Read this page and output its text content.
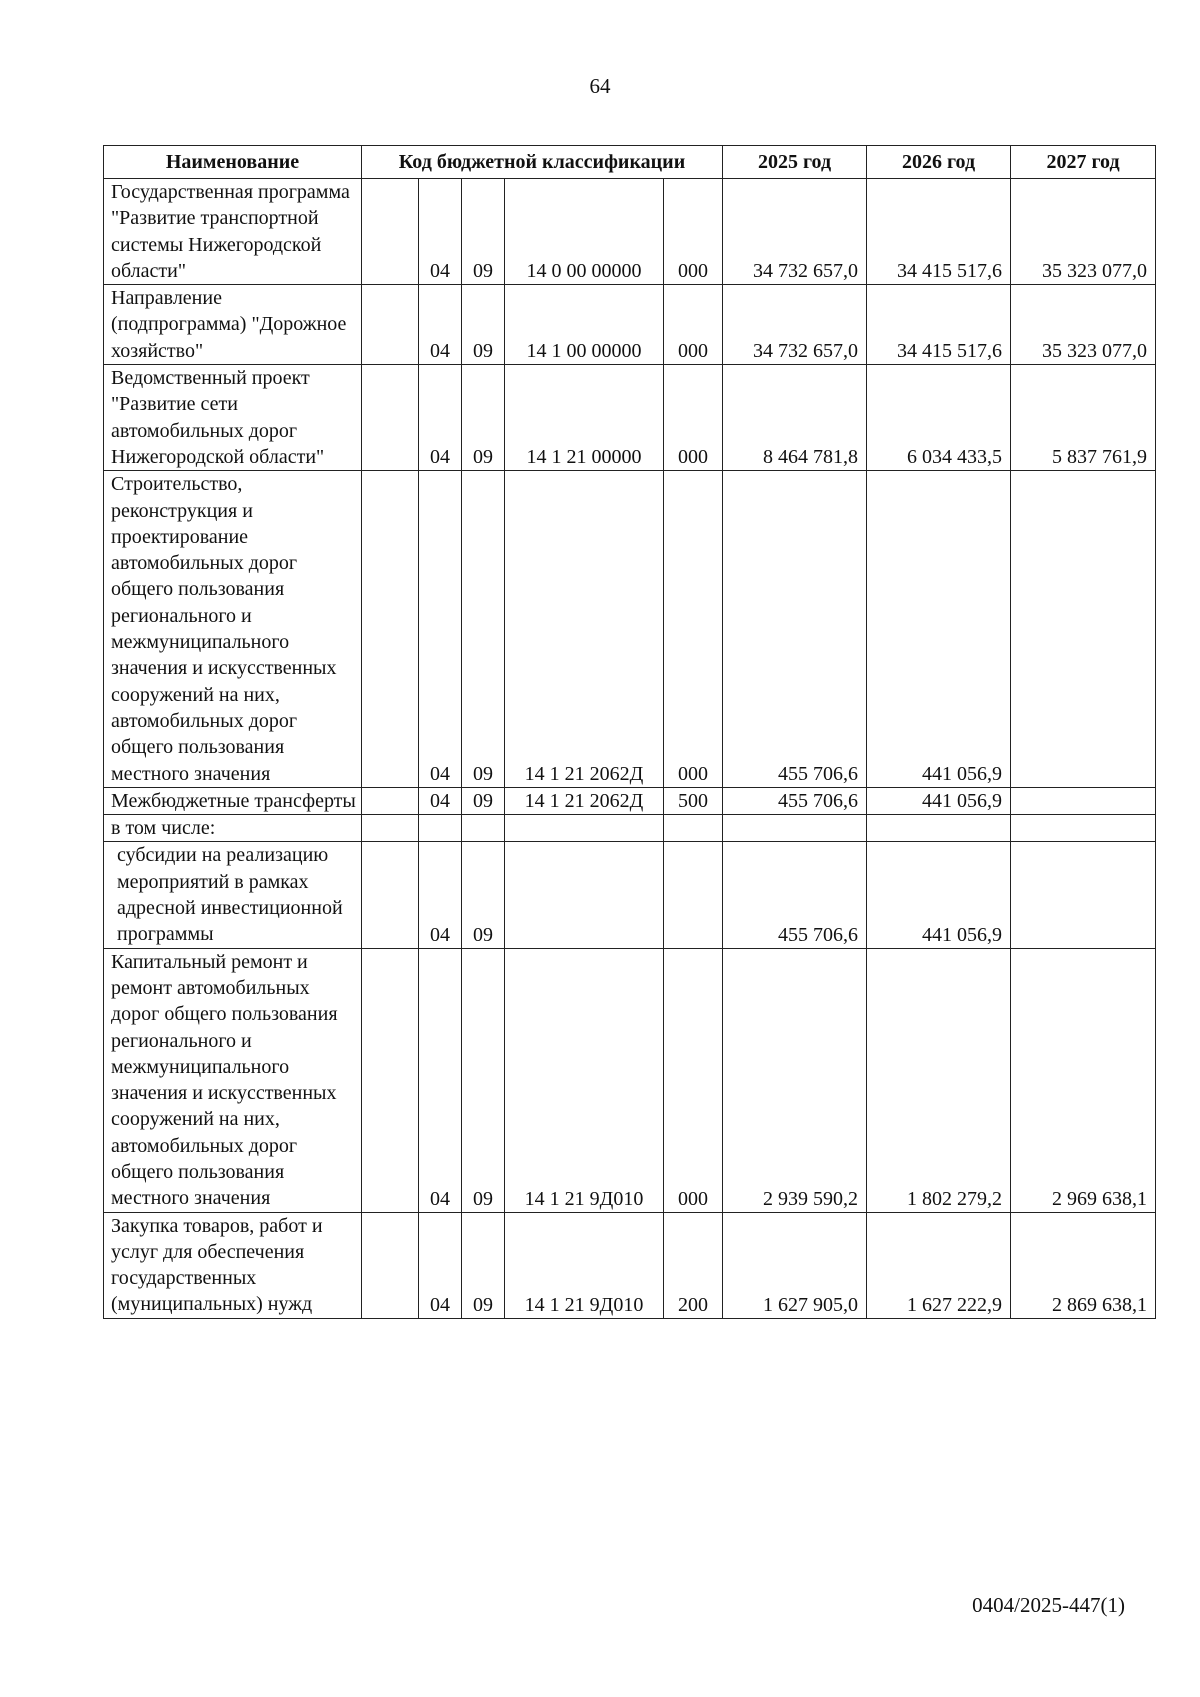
64
Наименование	Код бюджетной классификации					2025 год	2026 год	2027 год
Государственная программа "Развитие транспортной системы Нижегородской области"		04	09	14 0 00 00000	000	34 732 657,0	34 415 517,6	35 323 077,0
Направление (подпрограмма) "Дорожное хозяйство"		04	09	14 1 00 00000	000	34 732 657,0	34 415 517,6	35 323 077,0
Ведомственный проект "Развитие сети автомобильных дорог Нижегородской области"		04	09	14 1 21 00000	000	8 464 781,8	6 034 433,5	5 837 761,9
Строительство, реконструкция и проектирование автомобильных дорог общего пользования регионального и межмуниципального значения и искусственных сооружений на них, автомобильных дорог общего пользования местного значения		04	09	14 1 21 2062Д	000	455 706,6	441 056,9	
Межбюджетные трансферты		04	09	14 1 21 2062Д	500	455 706,6	441 056,9	
в том числе:								
субсидии на реализацию мероприятий в рамках адресной инвестиционной программы		04	09			455 706,6	441 056,9	
Капитальный ремонт и ремонт автомобильных дорог общего пользования регионального и межмуниципального значения и искусственных сооружений на них, автомобильных дорог общего пользования местного значения		04	09	14 1 21 9Д010	000	2 939 590,2	1 802 279,2	2 969 638,1
Закупка товаров, работ и услуг для обеспечения государственных (муниципальных) нужд		04	09	14 1 21 9Д010	200	1 627 905,0	1 627 222,9	2 869 638,1
0404/2025-447(1)
